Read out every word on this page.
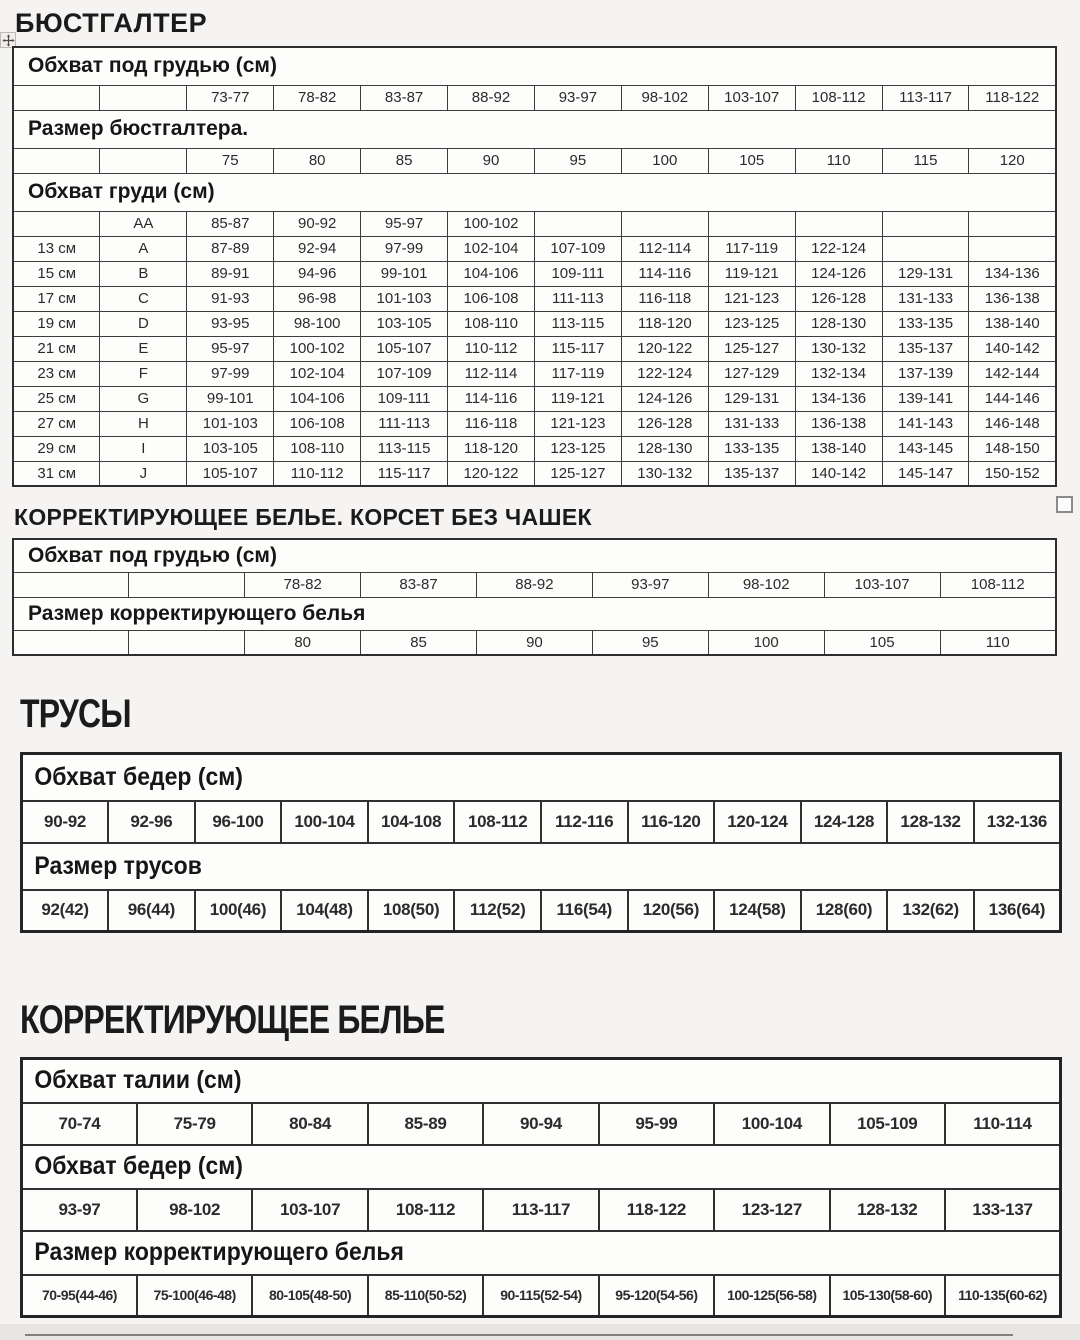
БЮСТГАЛТЕР
Обхват под грудью (см)											
		73-77	78-82	83-87	88-92	93-97	98-102	103-107	108-112	113-117	118-122
Размер бюстгалтера.											
		75	80	85	90	95	100	105	110	115	120
Обхват груди (см)											
	AA	85-87	90-92	95-97	100-102						
13 см	A	87-89	92-94	97-99	102-104	107-109	112-114	117-119	122-124		
15 см	B	89-91	94-96	99-101	104-106	109-111	114-116	119-121	124-126	129-131	134-136
17 см	C	91-93	96-98	101-103	106-108	111-113	116-118	121-123	126-128	131-133	136-138
19 см	D	93-95	98-100	103-105	108-110	113-115	118-120	123-125	128-130	133-135	138-140
21 см	E	95-97	100-102	105-107	110-112	115-117	120-122	125-127	130-132	135-137	140-142
23 см	F	97-99	102-104	107-109	112-114	117-119	122-124	127-129	132-134	137-139	142-144
25 см	G	99-101	104-106	109-111	114-116	119-121	124-126	129-131	134-136	139-141	144-146
27 см	H	101-103	106-108	111-113	116-118	121-123	126-128	131-133	136-138	141-143	146-148
29 см	I	103-105	108-110	113-115	118-120	123-125	128-130	133-135	138-140	143-145	148-150
31 см	J	105-107	110-112	115-117	120-122	125-127	130-132	135-137	140-142	145-147	150-152
КОРРЕКТИРУЮЩЕЕ БЕЛЬЕ. КОРСЕТ БЕЗ ЧАШЕК
Обхват под грудью (см)								
		78-82	83-87	88-92	93-97	98-102	103-107	108-112
Размер корректирующего белья								
		80	85	90	95	100	105	110
ТРУСЫ
Обхват бедер (см)											
90-92	92-96	96-100	100-104	104-108	108-112	112-116	116-120	120-124	124-128	128-132	132-136
Размер трусов											
92(42)	96(44)	100(46)	104(48)	108(50)	112(52)	116(54)	120(56)	124(58)	128(60)	132(62)	136(64)
КОРРЕКТИРУЮЩЕЕ БЕЛЬЕ
Обхват талии (см)								
70-74	75-79	80-84	85-89	90-94	95-99	100-104	105-109	110-114
Обхват бедер (см)								
93-97	98-102	103-107	108-112	113-117	118-122	123-127	128-132	133-137
Размер корректирующего белья								
70-95(44-46)	75-100(46-48)	80-105(48-50)	85-110(50-52)	90-115(52-54)	95-120(54-56)	100-125(56-58)	105-130(58-60)	110-135(60-62)
